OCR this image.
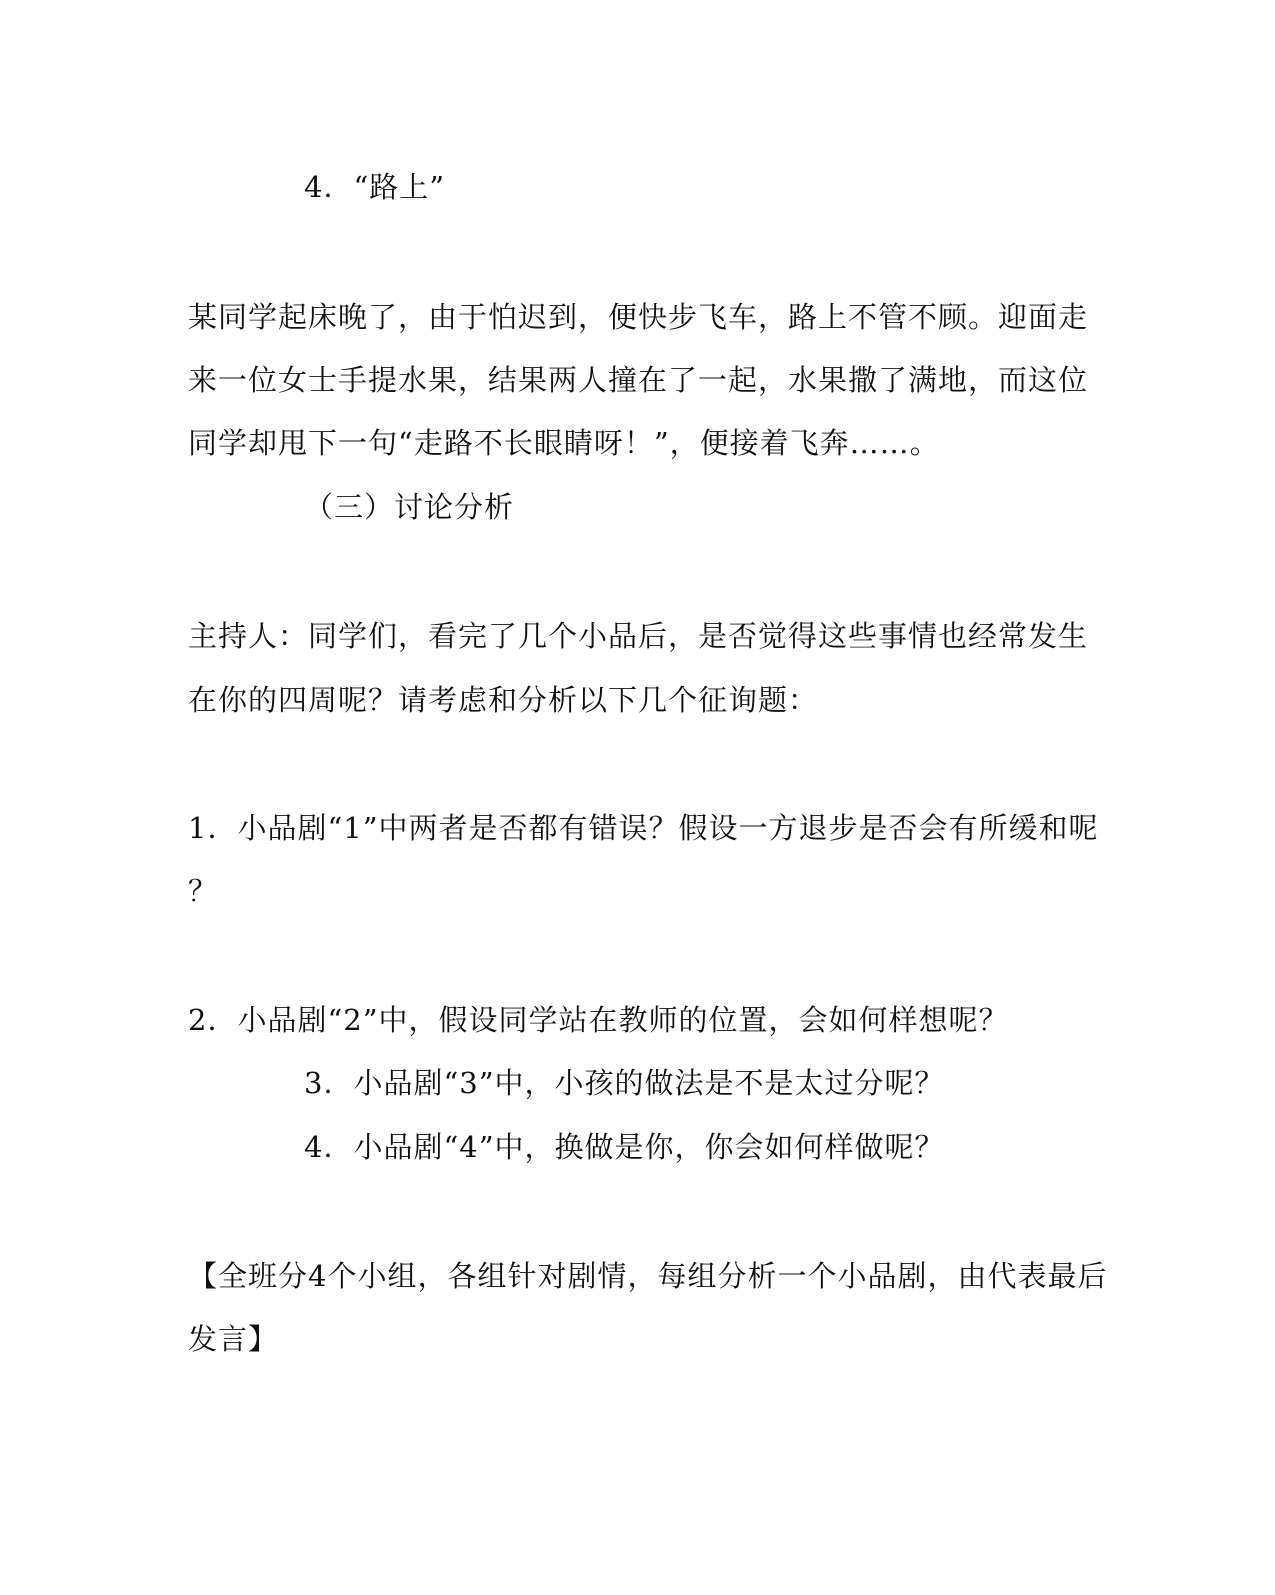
4．“路上”
某同学起床晚了，由于怕迟到，便快步飞车，路上不管不顾。迎面走
来一位女士手提水果，结果两人撞在了一起，水果撒了满地，而这位
同学却甩下一句“走路不长眼睛呀！”，便接着飞奔……。
（三）讨论分析
主持人：同学们，看完了几个小品后，是否觉得这些事情也经常发生
在你的四周呢？请考虑和分析以下几个征询题：
1．小品剧“1”中两者是否都有错误？假设一方退步是否会有所缓和呢
？
2．小品剧“2”中，假设同学站在教师的位置，会如何样想呢？
3．小品剧“3”中，小孩的做法是不是太过分呢？
4．小品剧“4”中，换做是你，你会如何样做呢？
【全班分4个小组，各组针对剧情，每组分析一个小品剧，由代表最后
发言】
